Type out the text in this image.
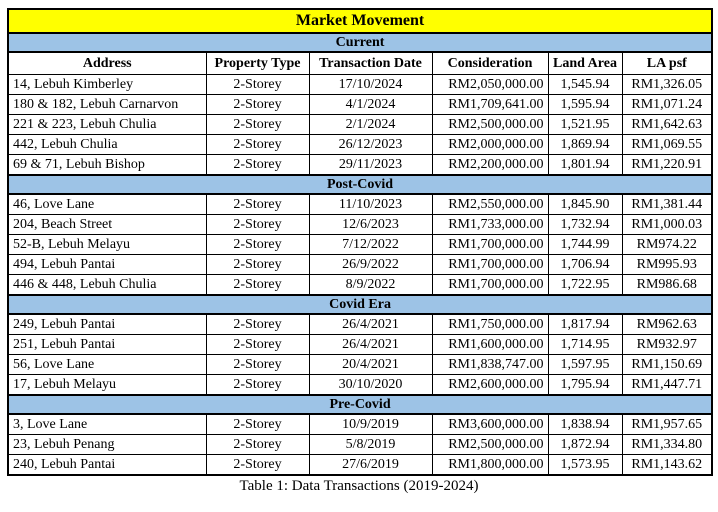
Market Movement					
Current					
Address	Property Type	Transaction Date	Consideration	Land Area	LA psf
14, Lebuh Kimberley	2-Storey	17/10/2024	RM2,050,000.00	1,545.94	RM1,326.05
180 & 182, Lebuh Carnarvon	2-Storey	4/1/2024	RM1,709,641.00	1,595.94	RM1,071.24
221 & 223, Lebuh Chulia	2-Storey	2/1/2024	RM2,500,000.00	1,521.95	RM1,642.63
442, Lebuh Chulia	2-Storey	26/12/2023	RM2,000,000.00	1,869.94	RM1,069.55
69 & 71, Lebuh Bishop	2-Storey	29/11/2023	RM2,200,000.00	1,801.94	RM1,220.91
Post-Covid					
46, Love Lane	2-Storey	11/10/2023	RM2,550,000.00	1,845.90	RM1,381.44
204, Beach Street	2-Storey	12/6/2023	RM1,733,000.00	1,732.94	RM1,000.03
52-B, Lebuh Melayu	2-Storey	7/12/2022	RM1,700,000.00	1,744.99	RM974.22
494, Lebuh Pantai	2-Storey	26/9/2022	RM1,700,000.00	1,706.94	RM995.93
446 & 448, Lebuh Chulia	2-Storey	8/9/2022	RM1,700,000.00	1,722.95	RM986.68
Covid Era					
249, Lebuh Pantai	2-Storey	26/4/2021	RM1,750,000.00	1,817.94	RM962.63
251, Lebuh Pantai	2-Storey	26/4/2021	RM1,600,000.00	1,714.95	RM932.97
56, Love Lane	2-Storey	20/4/2021	RM1,838,747.00	1,597.95	RM1,150.69
17, Lebuh Melayu	2-Storey	30/10/2020	RM2,600,000.00	1,795.94	RM1,447.71
Pre-Covid					
3, Love Lane	2-Storey	10/9/2019	RM3,600,000.00	1,838.94	RM1,957.65
23, Lebuh Penang	2-Storey	5/8/2019	RM2,500,000.00	1,872.94	RM1,334.80
240, Lebuh Pantai	2-Storey	27/6/2019	RM1,800,000.00	1,573.95	RM1,143.62
Table 1: Data Transactions (2019-2024)
